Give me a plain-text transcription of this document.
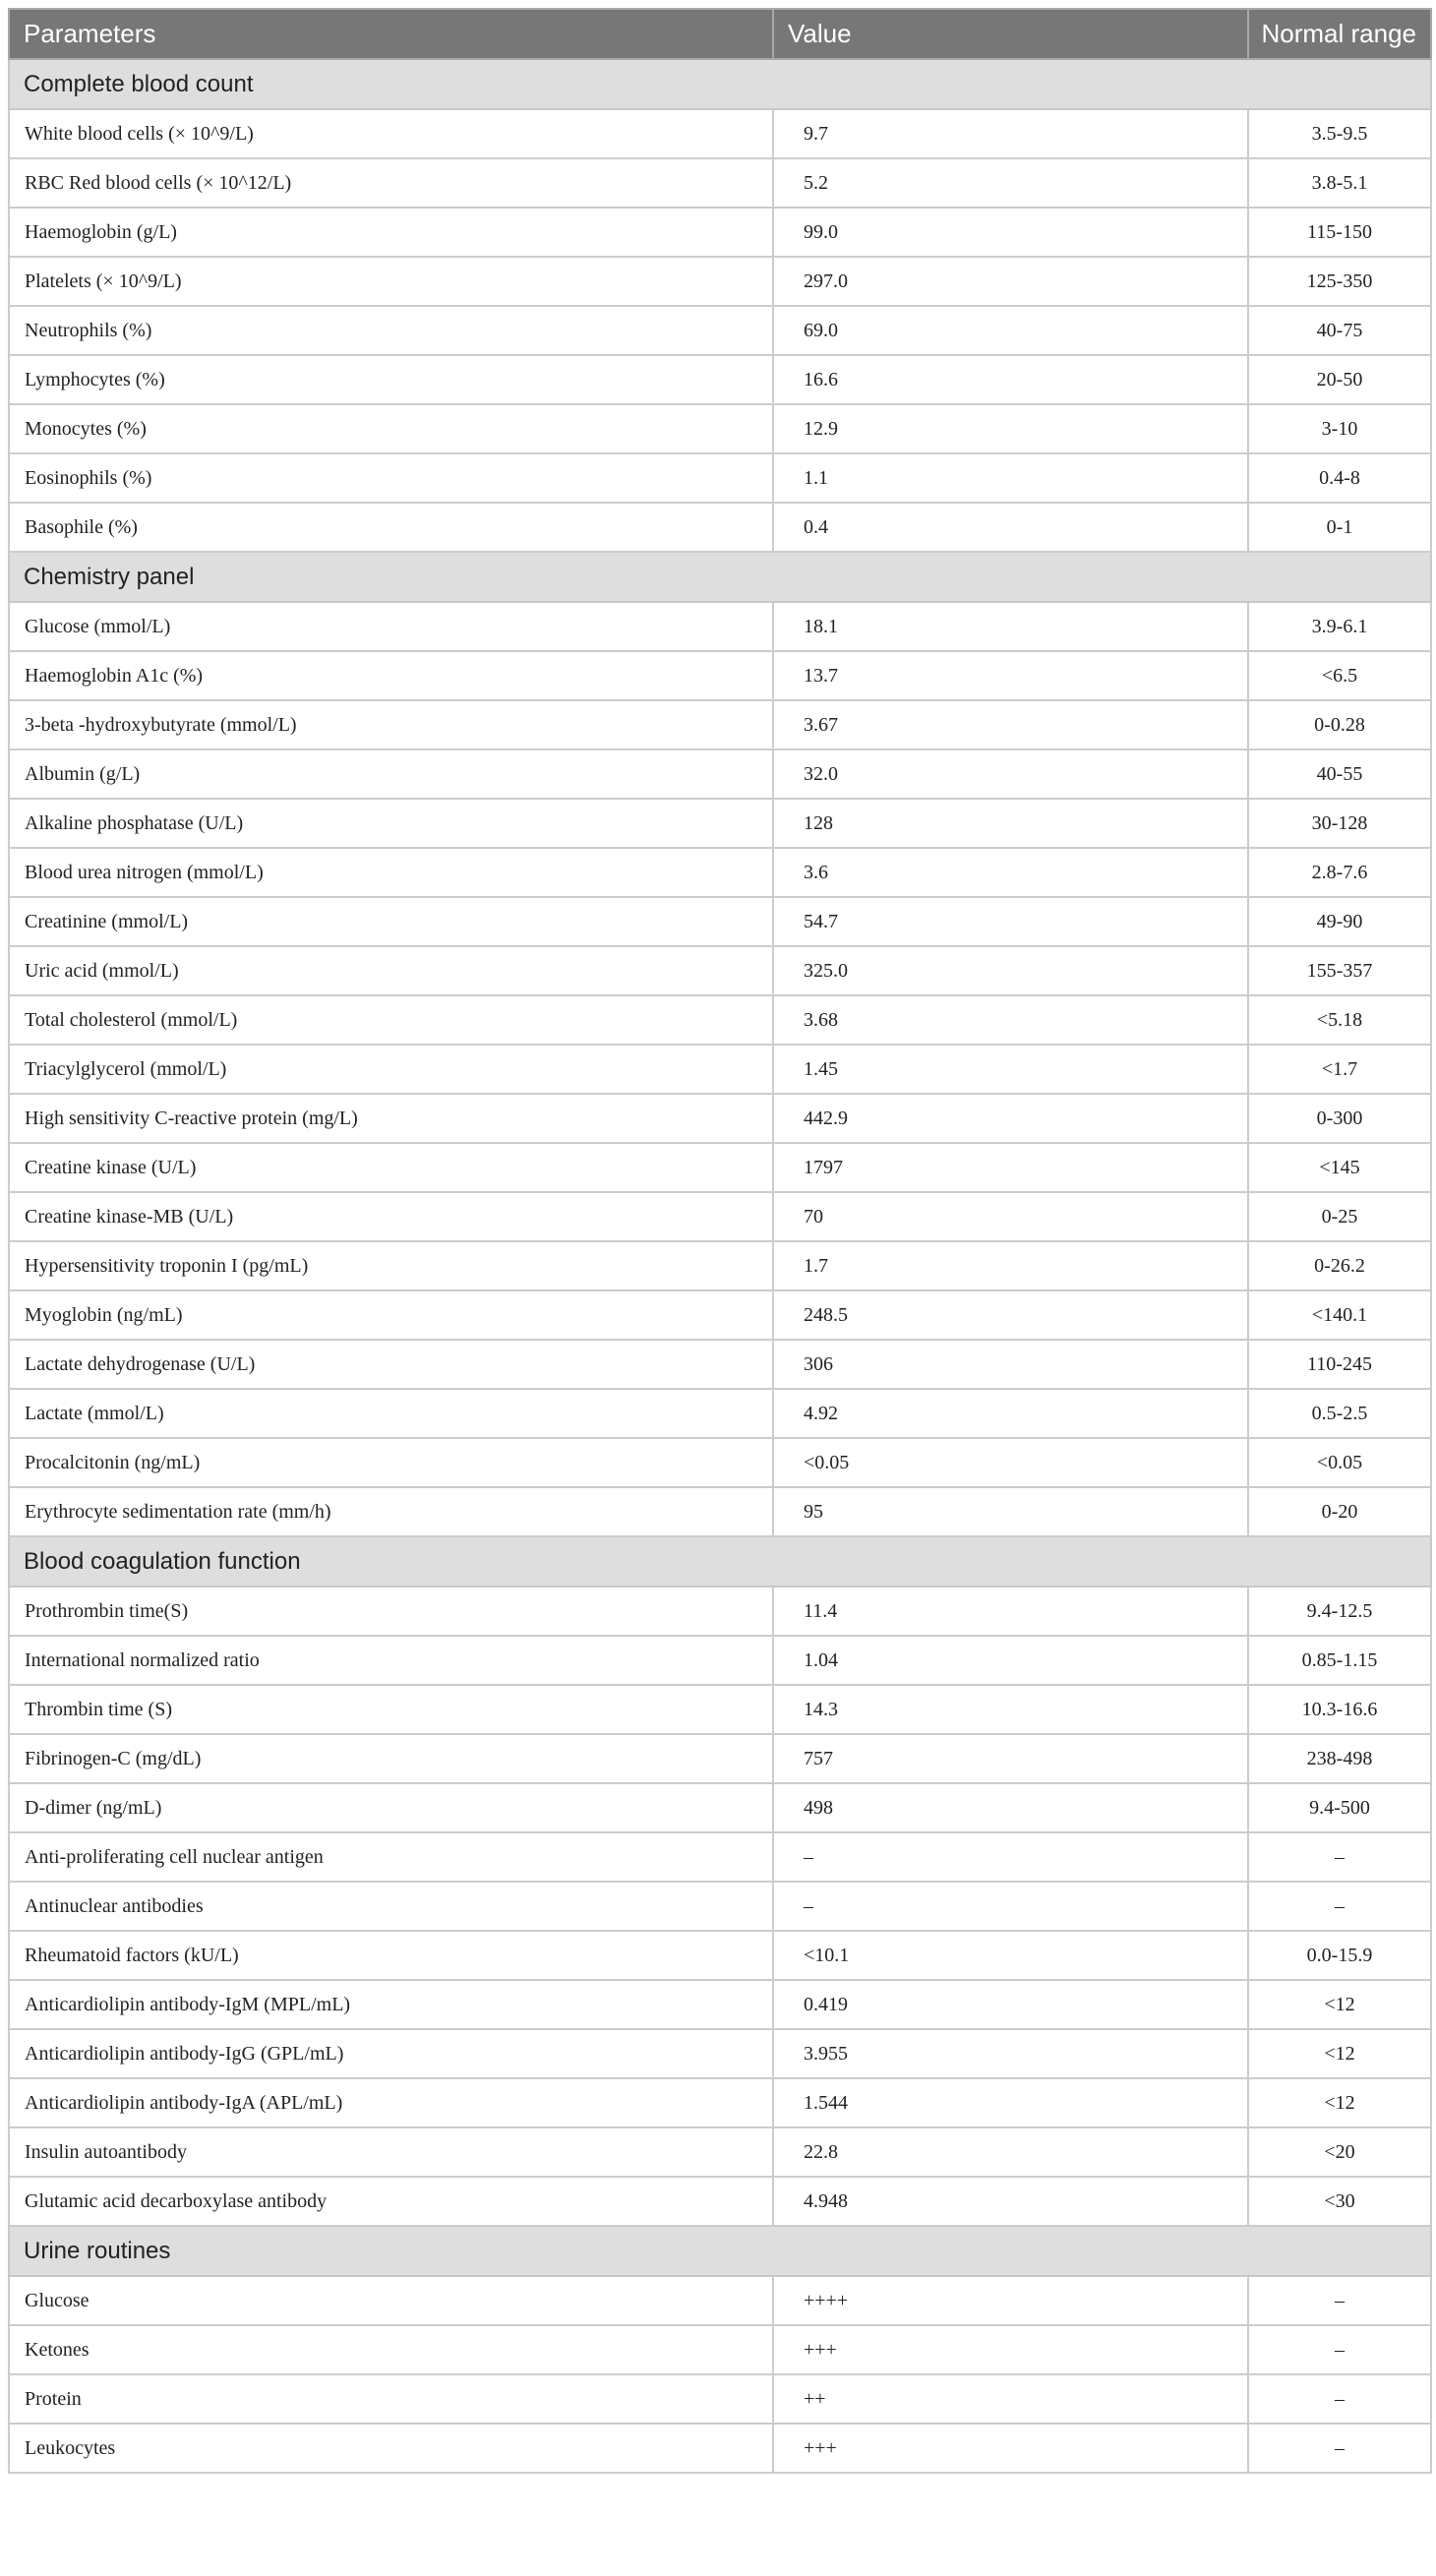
Parameters	Value	Normal range
Complete blood count		
White blood cells (× 10^9/L)	9.7	3.5-9.5
RBC Red blood cells (× 10^12/L)	5.2	3.8-5.1
Haemoglobin (g/L)	99.0	115-150
Platelets (× 10^9/L)	297.0	125-350
Neutrophils (%)	69.0	40-75
Lymphocytes (%)	16.6	20-50
Monocytes (%)	12.9	3-10
Eosinophils (%)	1.1	0.4-8
Basophile (%)	0.4	0-1
Chemistry panel		
Glucose (mmol/L)	18.1	3.9-6.1
Haemoglobin A1c (%)	13.7	<6.5
3-beta -hydroxybutyrate (mmol/L)	3.67	0-0.28
Albumin (g/L)	32.0	40-55
Alkaline phosphatase (U/L)	128	30-128
Blood urea nitrogen (mmol/L)	3.6	2.8-7.6
Creatinine (mmol/L)	54.7	49-90
Uric acid (mmol/L)	325.0	155-357
Total cholesterol (mmol/L)	3.68	<5.18
Triacylglycerol (mmol/L)	1.45	<1.7
High sensitivity C-reactive protein (mg/L)	442.9	0-300
Creatine kinase (U/L)	1797	<145
Creatine kinase-MB (U/L)	70	0-25
Hypersensitivity troponin I (pg/mL)	1.7	0-26.2
Myoglobin (ng/mL)	248.5	<140.1
Lactate dehydrogenase (U/L)	306	110-245
Lactate (mmol/L)	4.92	0.5-2.5
Procalcitonin (ng/mL)	<0.05	<0.05
Erythrocyte sedimentation rate (mm/h)	95	0-20
Blood coagulation function		
Prothrombin time(S)	11.4	9.4-12.5
International normalized ratio	1.04	0.85-1.15
Thrombin time (S)	14.3	10.3-16.6
Fibrinogen-C (mg/dL)	757	238-498
D-dimer (ng/mL)	498	9.4-500
Anti-proliferating cell nuclear antigen	–	–
Antinuclear antibodies	–	–
Rheumatoid factors (kU/L)	<10.1	0.0-15.9
Anticardiolipin antibody-IgM (MPL/mL)	0.419	<12
Anticardiolipin antibody-IgG (GPL/mL)	3.955	<12
Anticardiolipin antibody-IgA (APL/mL)	1.544	<12
Insulin autoantibody	22.8	<20
Glutamic acid decarboxylase antibody	4.948	<30
Urine routines		
Glucose	++++	–
Ketones	+++	–
Protein	++	–
Leukocytes	+++	–
